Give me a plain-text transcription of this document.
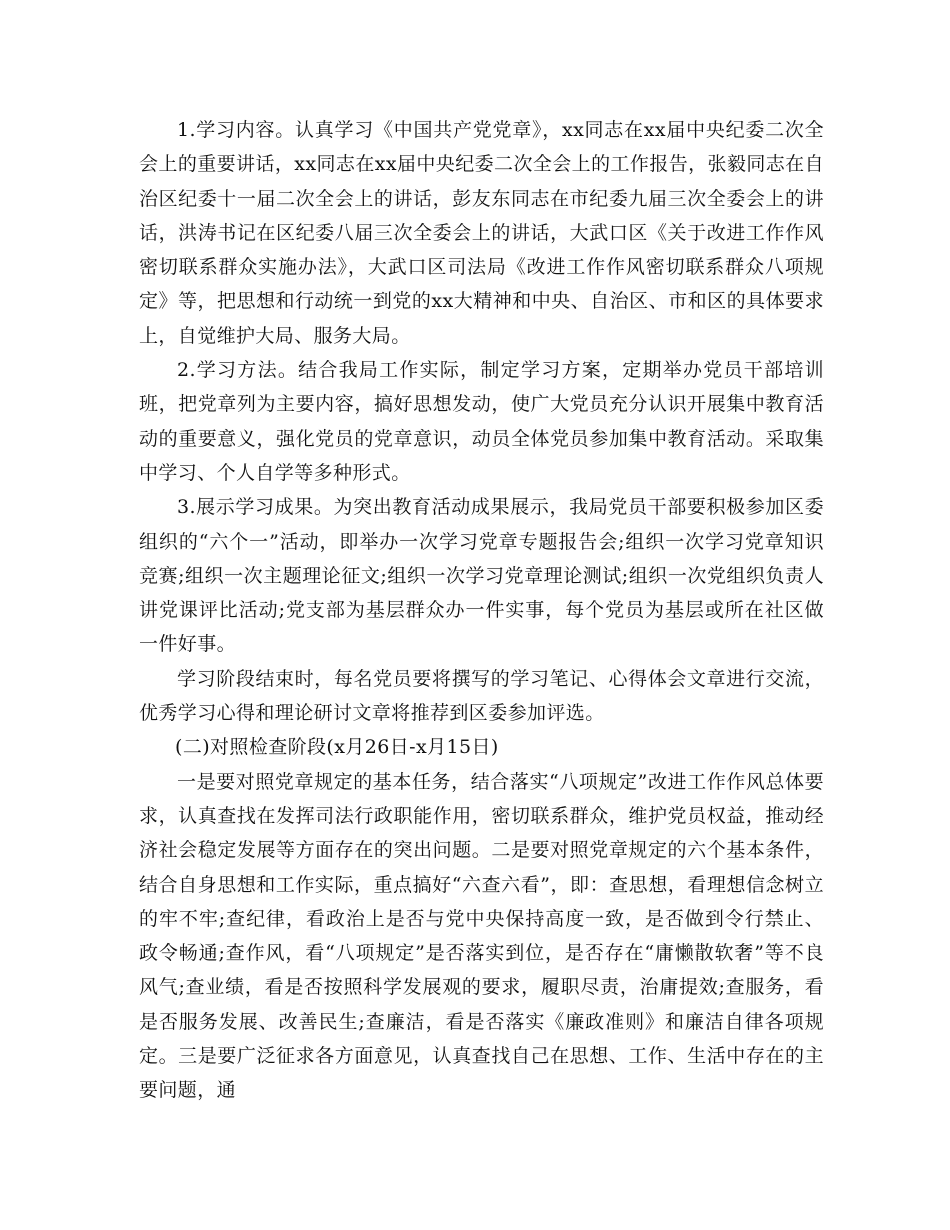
1.学习内容。认真学习《中国共产党党章》，xx同志在xx届中央纪委二次全会上的重要讲话，xx同志在xx届中央纪委二次全会上的工作报告，张毅同志在自治区纪委十一届二次全会上的讲话，彭友东同志在市纪委九届三次全委会上的讲话，洪涛书记在区纪委八届三次全委会上的讲话，大武口区《关于改进工作作风密切联系群众实施办法》，大武口区司法局《改进工作作风密切联系群众八项规定》等，把思想和行动统一到党的xx大精神和中央、自治区、市和区的具体要求上，自觉维护大局、服务大局。

2.学习方法。结合我局工作实际，制定学习方案，定期举办党员干部培训班，把党章列为主要内容，搞好思想发动，使广大党员充分认识开展集中教育活动的重要意义，强化党员的党章意识，动员全体党员参加集中教育活动。采取集中学习、个人自学等多种形式。

3.展示学习成果。为突出教育活动成果展示，我局党员干部要积极参加区委组织的“六个一”活动，即举办一次学习党章专题报告会;组织一次学习党章知识竞赛;组织一次主题理论征文;组织一次学习党章理论测试;组织一次党组织负责人讲党课评比活动;党支部为基层群众办一件实事，每个党员为基层或所在社区做一件好事。

学习阶段结束时，每名党员要将撰写的学习笔记、心得体会文章进行交流，优秀学习心得和理论研讨文章将推荐到区委参加评选。

(二)对照检查阶段(x月26日-x月15日)

一是要对照党章规定的基本任务，结合落实“八项规定”改进工作作风总体要求，认真查找在发挥司法行政职能作用，密切联系群众，维护党员权益，推动经济社会稳定发展等方面存在的突出问题。二是要对照党章规定的六个基本条件，结合自身思想和工作实际，重点搞好“六查六看”，即：查思想，看理想信念树立的牢不牢;查纪律，看政治上是否与党中央保持高度一致，是否做到令行禁止、政令畅通;查作风，看“八项规定”是否落实到位，是否存在“庸懒散软奢”等不良风气;查业绩，看是否按照科学发展观的要求，履职尽责，治庸提效;查服务，看是否服务发展、改善民生;查廉洁，看是否落实《廉政准则》和廉洁自律各项规定。三是要广泛征求各方面意见，认真查找自己在思想、工作、生活中存在的主要问题，通
